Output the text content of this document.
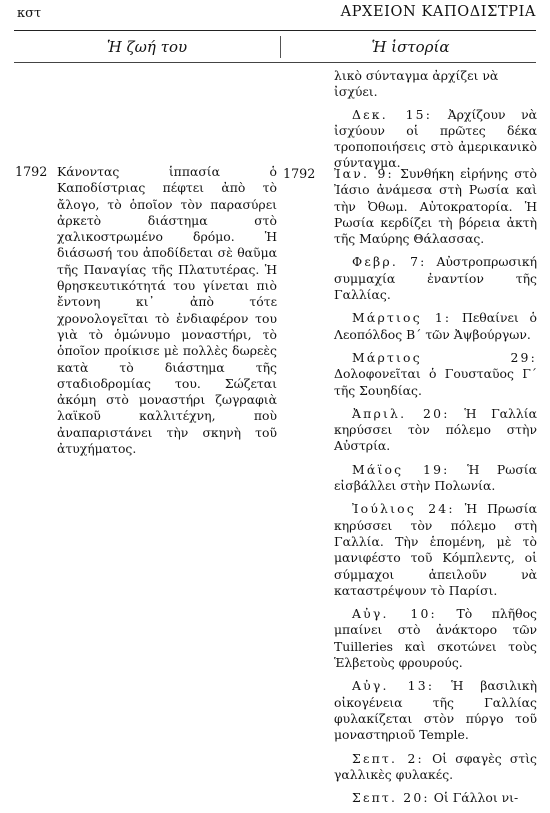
κστ	ΑΡΧΕΙΟΝ ΚΑΠΟΔΙΣΤΡΙΑ
Ἡ ζωή του	Ἡ ἱστορία
1792 Κάνοντας ἱππασία ὁ Καποδίστριας πέφτει ἀπὸ τὸ ἄλογο, τὸ ὁποῖον τὸν παρασύρει ἀρκετὸ διάστημα στὸ χαλικοστρωμένο δρόμο. Ἡ διάσωσή του ἀποδίδεται σὲ θαῦμα τῆς Παναγίας τῆς Πλατυτέρας. Ἡ θρησκευτικότητά του γίνεται πιὸ ἔντονη κι᾽ ἀπὸ τότε χρονολογεῖται τὸ ἐνδιαφέρον του γιὰ τὸ ὁμώνυμο μοναστήρι, τὸ ὁποῖον προίκισε μὲ πολλὲς δωρεὲς κατὰ τὸ διάστημα τῆς σταδιοδρομίας του. Σώζεται ἀκόμη στὸ μοναστήρι ζωγραφιὰ λαϊκοῦ καλλιτέχνη, ποὺ ἀναπαριστάνει τὴν σκηνὴ τοῦ ἀτυχήματος.
λικὸ σύνταγμα ἀρχίζει νὰ ἰσχύει.
Δεκ. 15: Ἀρχίζουν νὰ ἰσχύουν οἱ πρῶτες δέκα τροποποιήσεις στὸ ἀμερικανικὸ σύνταγμα.
1792 Ἰαν. 9: Συνθήκη εἰρήνης στὸ Ἰάσιο ἀνάμεσα στὴ Ρωσία καὶ τὴν Ὀθωμ. Αὐτοκρατορία. Ἡ Ρωσία κερδίζει τὴ βόρεια ἀκτὴ τῆς Μαύρης Θάλασσας.
Φεβρ. 7: Αὐστροπρωσική συμμαχία ἐναντίον τῆς Γαλλίας.
Μάρτιος 1: Πεθαίνει ὁ Λεοπόλδος Β´ τῶν Ἀψβούργων.
Μάρτιος 29: Δολοφονεῖται ὁ Γουσταῦος Γ´ τῆς Σουηδίας.
Ἀπριλ. 20: Ἡ Γαλλία κηρύσσει τὸν πόλεμο στὴν Αὐστρία.
Μάϊος 19: Ἡ Ρωσία εἰσβάλλει στὴν Πολωνία.
Ἰούλιος 24: Ἡ Πρωσία κηρύσσει τὸν πόλεμο στὴ Γαλλία. Τὴν ἑπομένη, μὲ τὸ μανιφέστο τοῦ Κόμπλεντς, οἱ σύμμαχοι ἀπειλοῦν νὰ καταστρέψουν τὸ Παρίσι.
Αὐγ. 10: Τὸ πλῆθος μπαίνει στὸ ἀνάκτορο τῶν Tuilleries καὶ σκοτώνει τοὺς Ἑλβετοὺς φρουρούς.
Αὐγ. 13: Ἡ βασιλικὴ οἰκογένεια τῆς Γαλλίας φυλακίζεται στὸν πύργο τοῦ μοναστηριοῦ Temple.
Σεπτ. 2: Οἱ σφαγὲς στὶς γαλλικὲς φυλακές.
Σεπτ. 20: Οἱ Γάλλοι νι-
